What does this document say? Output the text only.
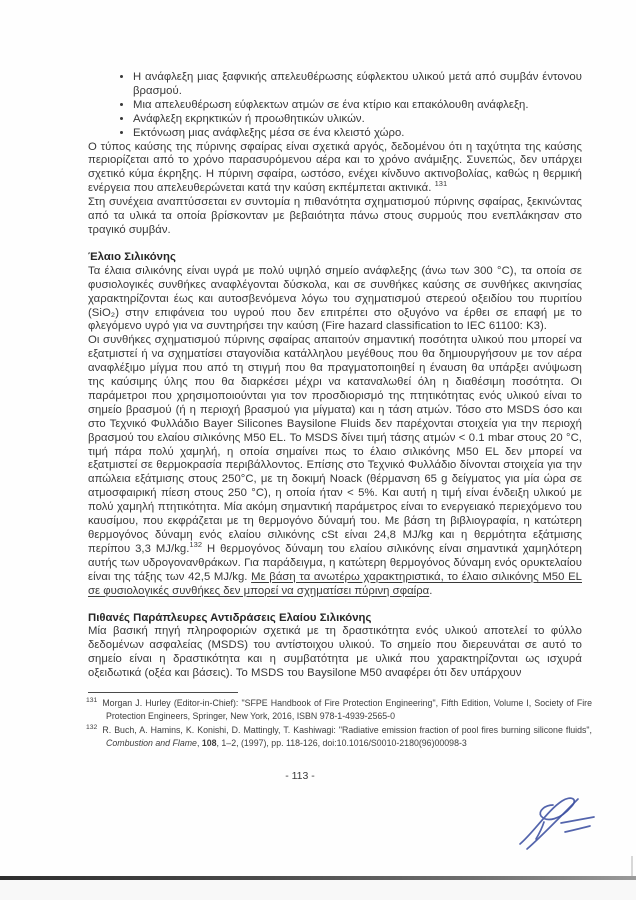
• Η ανάφλεξη μιας ξαφνικής απελευθέρωσης εύφλεκτου υλικού μετά από συμβάν έντονου βρασμού.
• Μια απελευθέρωση εύφλεκτων ατμών σε ένα κτίριο και επακόλουθη ανάφλεξη.
• Ανάφλεξη εκρηκτικών ή προωθητικών υλικών.
• Εκτόνωση μιας ανάφλεξης μέσα σε ένα κλειστό χώρο.

Ο τύπος καύσης της πύρινης σφαίρας είναι σχετικά αργός, δεδομένου ότι η ταχύτητα της καύσης περιορίζεται από το χρόνο παρασυρόμενου αέρα και το χρόνο ανάμιξης. Συνεπώς, δεν υπάρχει σχετικό κύμα έκρηξης. Η πύρινη σφαίρα, ωστόσο, ενέχει κίνδυνο ακτινοβολίας, καθώς η θερμική ενέργεια που απελευθερώνεται κατά την καύση εκπέμπεται ακτινικά. $^{131}$

Στη συνέχεια αναπτύσσεται εν συντομία η πιθανότητα σχηματισμού πύρινης σφαίρας, ξεκινώντας από τα υλικά τα οποία βρίσκονταν με βεβαιότητα πάνω στους συρμούς που ενεπλάκησαν στο τραγικό συμβάν.

Έλαιο Σιλικόνης

Τα έλαια σιλικόνης είναι υγρά με πολύ υψηλό σημείο ανάφλεξης (άνω των 300 °C), τα οποία σε φυσιολογικές συνθήκες αναφλέγονται δύσκολα, και σε συνθήκες καύσης σε συνθήκες ακινησίας χαρακτηρίζονται έως και αυτοσβενόμενα λόγω του σχηματισμού στερεού οξειδίου του πυριτίου (SiO₂) στην επιφάνεια του υγρού που δεν επιτρέπει στο οξυγόνο να έρθει σε επαφή με το φλεγόμενο υγρό για να συντηρήσει την καύση (Fire hazard classification to IEC 61100: K3).

Οι συνθήκες σχηματισμού πύρινης σφαίρας απαιτούν σημαντική ποσότητα υλικού που μπορεί να εξατμιστεί ή να σχηματίσει σταγονίδια κατάλληλου μεγέθους που θα δημιουργήσουν με τον αέρα αναφλέξιμο μίγμα που από τη στιγμή που θα πραγματοποιηθεί η έναυση θα υπάρξει ανύψωση της καύσιμης ύλης που θα διαρκέσει μέχρι να καταναλωθεί όλη η διαθέσιμη ποσότητα. Οι παράμετροι που χρησιμοποιούνται για τον προσδιορισμό της πτητικότητας ενός υλικού είναι το σημείο βρασμού (ή η περιοχή βρασμού για μίγματα) και η τάση ατμών. Τόσο στο MSDS όσο και στο Τεχνικό Φυλλάδιο Bayer Silicones Baysilone Fluids δεν παρέχονται στοιχεία για την περιοχή βρασμού του ελαίου σιλικόνης M50 EL. Το MSDS δίνει τιμή τάσης ατμών < 0.1 mbar στους 20 °C, τιμή πάρα πολύ χαμηλή, η οποία σημαίνει πως το έλαιο σιλικόνης M50 EL δεν μπορεί να εξατμιστεί σε θερμοκρασία περιβάλλοντος. Επίσης στο Τεχνικό Φυλλάδιο δίνονται στοιχεία για την απώλεια εξάτμισης στους 250°C, με τη δοκιμή Noack (θέρμανση 65 g δείγματος για μία ώρα σε ατμοσφαιρική πίεση στους 250 °C), η οποία ήταν < 5%. Και αυτή η τιμή είναι ένδειξη υλικού με πολύ χαμηλή πτητικότητα. Μία ακόμη σημαντική παράμετρος είναι το ενεργειακό περιεχόμενο του καυσίμου, που εκφράζεται με τη θερμογόνο δύναμή του. Με βάση τη βιβλιογραφία, η κατώτερη θερμογόνος δύναμη ενός ελαίου σιλικόνης cSt είναι 24,8 MJ/kg και η θερμότητα εξάτμισης περίπου 3,3 MJ/kg.$^{132}$ Η θερμογόνος δύναμη του ελαίου σιλικόνης είναι σημαντικά χαμηλότερη αυτής των υδρογονανθράκων. Για παράδειγμα, η κατώτερη θερμογόνος δύναμη ενός ορυκτελαίου είναι της τάξης των 42,5 MJ/kg. Με βάση τα ανωτέρω χαρακτηριστικά, το έλαιο σιλικόνης M50 EL σε φυσιολογικές συνθήκες δεν μπορεί να σχηματίσει πύρινη σφαίρα.

Πιθανές Παράπλευρες Αντιδράσεις Ελαίου Σιλικόνης

Μία βασική πηγή πληροφοριών σχετικά με τη δραστικότητα ενός υλικού αποτελεί το φύλλο δεδομένων ασφαλείας (MSDS) του αντίστοιχου υλικού. Το σημείο που διερευνάται σε αυτό το σημείο είναι η δραστικότητα και η συμβατότητα με υλικά που χαρακτηρίζονται ως ισχυρά οξειδωτικά (οξέα και βάσεις). Το MSDS του Baysilone M50 αναφέρει ότι δεν υπάρχουν

$^{131}$ Morgan J. Hurley (Editor-in-Chief): "SFPE Handbook of Fire Protection Engineering", Fifth Edition, Volume I, Society of Fire Protection Engineers, Springer, New York, 2016, ISBN 978-1-4939-2565-0
$^{132}$ R. Buch, A. Hamins, K. Konishi, D. Mattingly, T. Kashiwagi: "Radiative emission fraction of pool fires burning silicone fluids", Combustion and Flame, 108, 1–2, (1997), pp. 118-126, doi:10.1016/S0010-2180(96)00098-3
- 113 -
